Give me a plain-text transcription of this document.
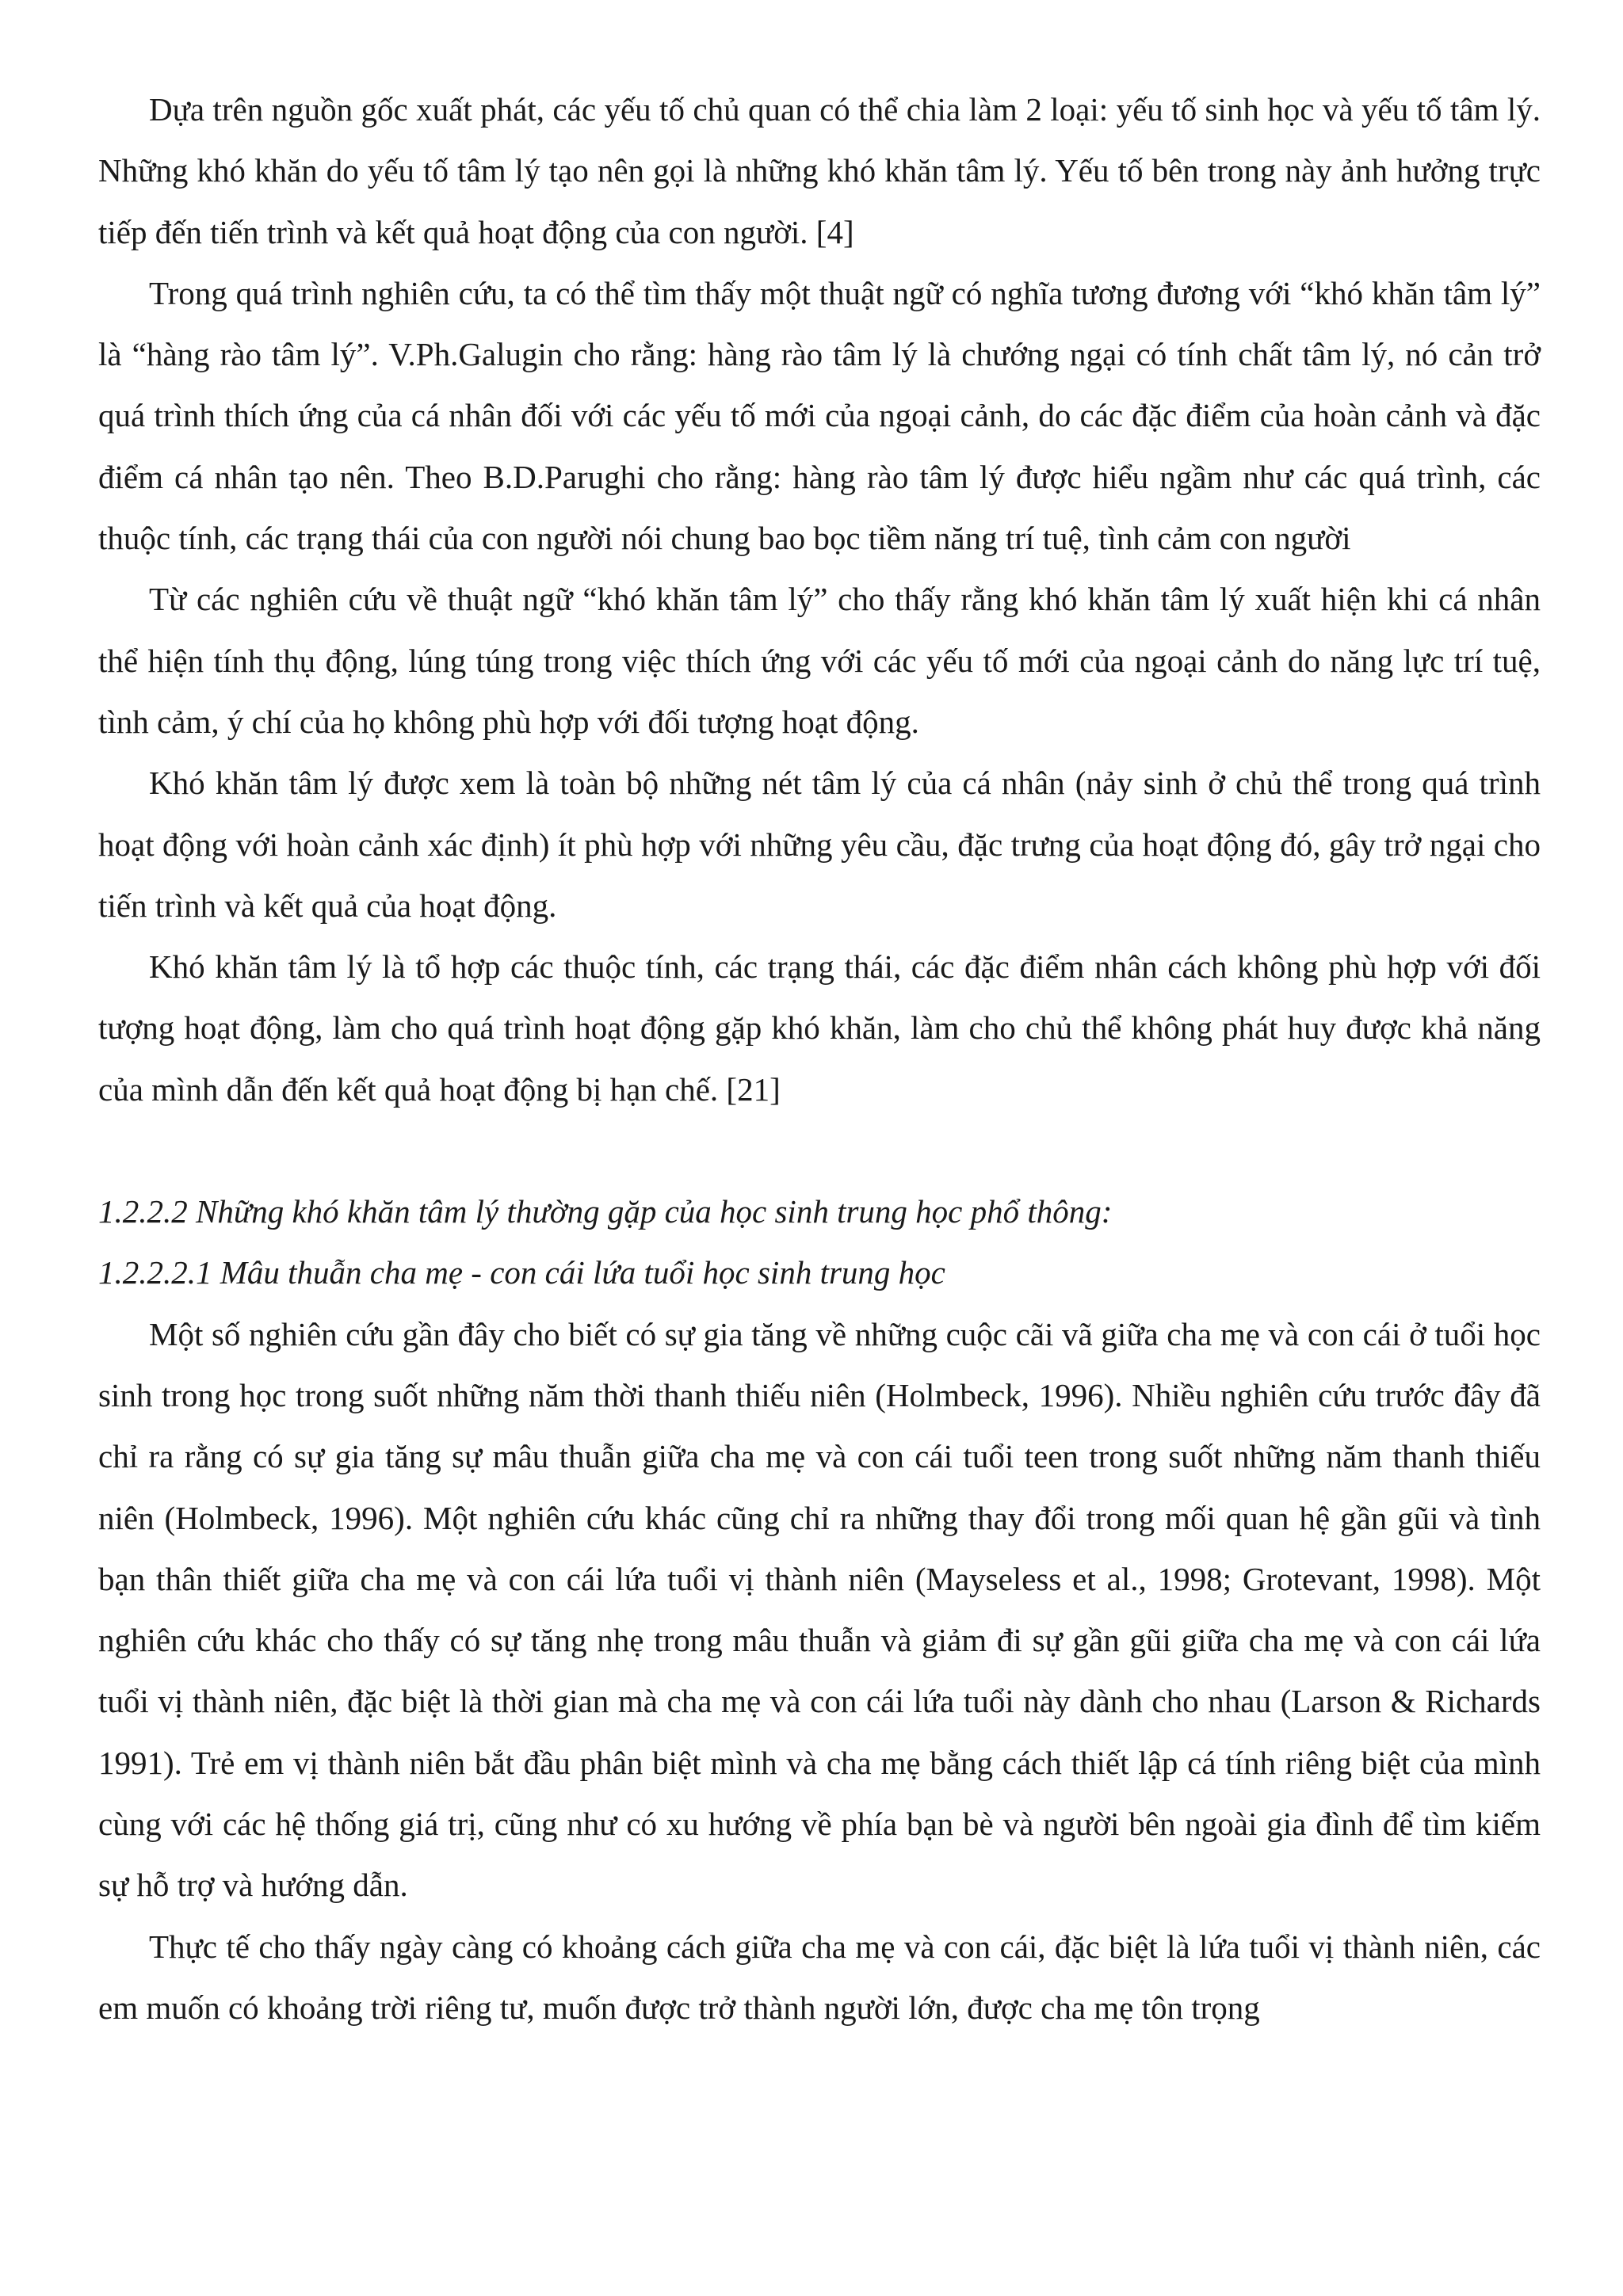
Dựa trên nguồn gốc xuất phát, các yếu tố chủ quan có thể chia làm 2 loại: yếu tố sinh học và yếu tố tâm lý. Những khó khăn do yếu tố tâm lý tạo nên gọi là những khó khăn tâm lý. Yếu tố bên trong này ảnh hưởng trực tiếp đến tiến trình và kết quả hoạt động của con người. [4]

Trong quá trình nghiên cứu, ta có thể tìm thấy một thuật ngữ có nghĩa tương đương với “khó khăn tâm lý” là “hàng rào tâm lý”. V.Ph.Galugin cho rằng: hàng rào tâm lý là chướng ngại có tính chất tâm lý, nó cản trở quá trình thích ứng của cá nhân đối với các yếu tố mới của ngoại cảnh, do các đặc điểm của hoàn cảnh và đặc điểm cá nhân tạo nên. Theo B.D.Parughi cho rằng: hàng rào tâm lý được hiểu ngầm như các quá trình, các thuộc tính, các trạng thái của con người nói chung bao bọc tiềm năng trí tuệ, tình cảm con người

Từ các nghiên cứu về thuật ngữ “khó khăn tâm lý” cho thấy rằng khó khăn tâm lý xuất hiện khi cá nhân thể hiện tính thụ động, lúng túng trong việc thích ứng với các yếu tố mới của ngoại cảnh do năng lực trí tuệ, tình cảm, ý chí của họ không phù hợp với đối tượng hoạt động.

Khó khăn tâm lý được xem là toàn bộ những nét tâm lý của cá nhân (nảy sinh ở chủ thể trong quá trình hoạt động với hoàn cảnh xác định) ít phù hợp với những yêu cầu, đặc trưng của hoạt động đó, gây trở ngại cho tiến trình và kết quả của hoạt động.

Khó khăn tâm lý là tổ hợp các thuộc tính, các trạng thái, các đặc điểm nhân cách không phù hợp với đối tượng hoạt động, làm cho quá trình hoạt động gặp khó khăn, làm cho chủ thể không phát huy được khả năng của mình dẫn đến kết quả hoạt động bị hạn chế. [21]

1.2.2.2 Những khó khăn tâm lý thường gặp của học sinh trung học phổ thông:

1.2.2.2.1 Mâu thuẫn cha mẹ - con cái lứa tuổi học sinh trung học

Một số nghiên cứu gần đây cho biết có sự gia tăng về những cuộc cãi vã giữa cha mẹ và con cái ở tuổi học sinh trong học trong suốt những năm thời thanh thiếu niên (Holmbeck, 1996). Nhiều nghiên cứu trước đây đã chỉ ra rằng có sự gia tăng sự mâu thuẫn giữa cha mẹ và con cái tuổi teen trong suốt những năm thanh thiếu niên (Holmbeck, 1996). Một nghiên cứu khác cũng chỉ ra những thay đổi trong mối quan hệ gần gũi và tình bạn thân thiết giữa cha mẹ và con cái lứa tuổi vị thành niên (Mayseless et al., 1998; Grotevant, 1998). Một nghiên cứu khác cho thấy có sự tăng nhẹ trong mâu thuẫn và giảm đi sự gần gũi giữa cha mẹ và con cái lứa tuổi vị thành niên, đặc biệt là thời gian mà cha mẹ và con cái lứa tuổi này dành cho nhau (Larson & Richards 1991). Trẻ em vị thành niên bắt đầu phân biệt mình và cha mẹ bằng cách thiết lập cá tính riêng biệt của mình cùng với các hệ thống giá trị, cũng như có xu hướng về phía bạn bè và người bên ngoài gia đình để tìm kiếm sự hỗ trợ và hướng dẫn.

Thực tế cho thấy ngày càng có khoảng cách giữa cha mẹ và con cái, đặc biệt là lứa tuổi vị thành niên, các em muốn có khoảng trời riêng tư, muốn được trở thành người lớn, được cha mẹ tôn trọng
